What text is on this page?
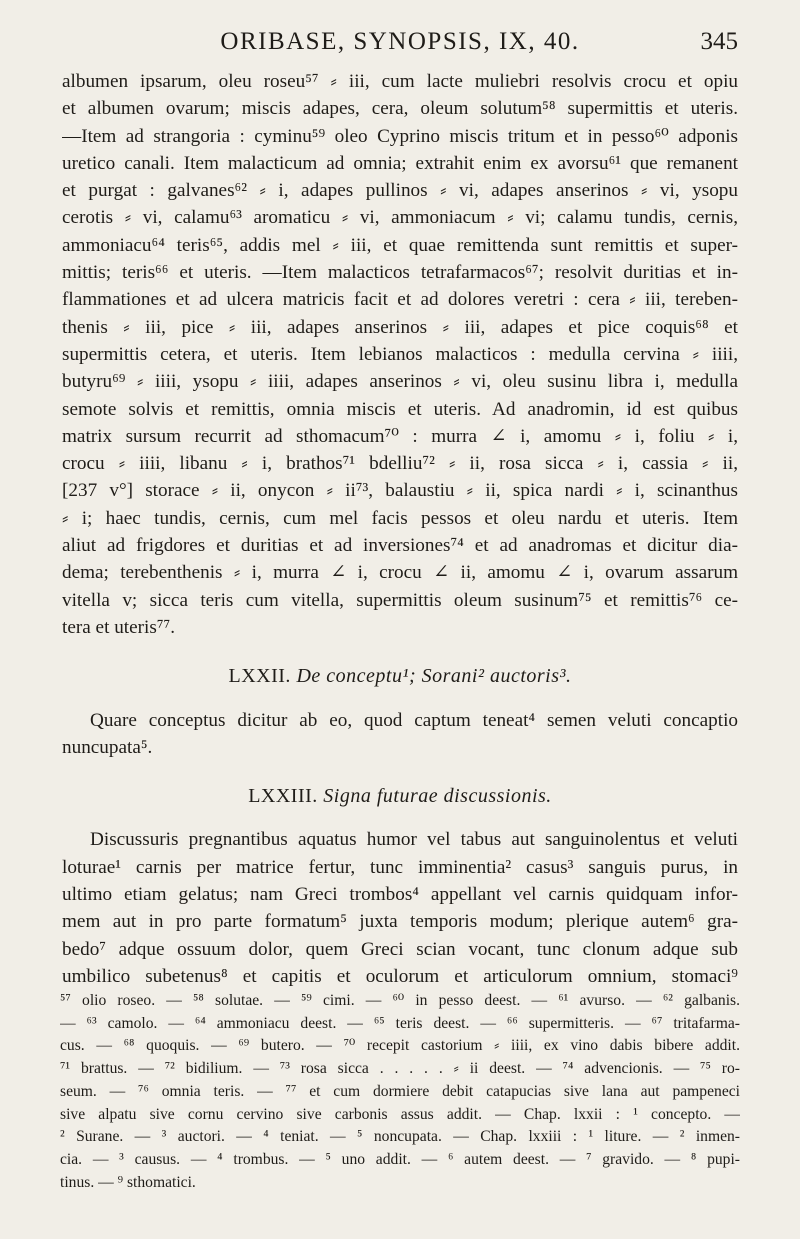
ORIBASE, SYNOPSIS, IX, 40.	345

albumen ipsarum, oleu roseu⁵⁷ ⸗ iii, cum lacte muliebri resolvis crocu et opiu

et albumen ovarum; miscis adapes, cera, oleum solutum⁵⁸ supermittis et uteris.

—Item ad strangoria : cyminu⁵⁹ oleo Cyprino miscis tritum et in pesso⁶⁰ adponis

uretico canali. Item malacticum ad omnia; extrahit enim ex avorsu⁶¹ que remanent

et purgat : galvanes⁶² ⸗ i, adapes pullinos ⸗ vi, adapes anserinos ⸗ vi, ysopu

cerotis ⸗ vi, calamu⁶³ aromaticu ⸗ vi, ammoniacum ⸗ vi; calamu tundis, cernis,

ammoniacu⁶⁴ teris⁶⁵, addis mel ⸗ iii, et quae remittenda sunt remittis et super-

mittis; teris⁶⁶ et uteris. —Item malacticos tetrafarmacos⁶⁷; resolvit duritias et in-

flammationes et ad ulcera matricis facit et ad dolores veretri : cera ⸗ iii, tereben-

thenis ⸗ iii, pice ⸗ iii, adapes anserinos ⸗ iii, adapes et pice coquis⁶⁸ et

supermittis cetera, et uteris. Item lebianos malacticos : medulla cervina ⸗ iiii,

butyru⁶⁹ ⸗ iiii, ysopu ⸗ iiii, adapes anserinos ⸗ vi, oleu susinu libra i, medulla

semote solvis et remittis, omnia miscis et uteris. Ad anadromin, id est quibus

matrix sursum recurrit ad sthomacum⁷⁰ : murra ∠ i, amomu ⸗ i, foliu ⸗ i,

crocu ⸗ iiii, libanu ⸗ i, brathos⁷¹ bdelliu⁷² ⸗ ii, rosa sicca ⸗ i, cassia ⸗ ii,

[237 v°] storace ⸗ ii, onycon ⸗ ii⁷³, balaustiu ⸗ ii, spica nardi ⸗ i, scinanthus

⸗ i; haec tundis, cernis, cum mel facis pessos et oleu nardu et uteris. Item

aliut ad frigdores et duritias et ad inversiones⁷⁴ et ad anadromas et dicitur dia-

dema; terebenthenis ⸗ i, murra ∠ i, crocu ∠ ii, amomu ∠ i, ovarum assarum

vitella v; sicca teris cum vitella, supermittis oleum susinum⁷⁵ et remittis⁷⁶ ce-

tera et uteris⁷⁷.

LXXII. De conceptu¹; Sorani² auctoris³.

Quare conceptus dicitur ab eo, quod captum teneat⁴ semen veluti concaptio

nuncupata⁵.

LXXIII. Signa futurae discussionis.

Discussuris pregnantibus aquatus humor vel tabus aut sanguinolentus et veluti

loturae¹ carnis per matrice fertur, tunc imminentia² casus³ sanguis purus, in

ultimo etiam gelatus; nam Greci trombos⁴ appellant vel carnis quidquam infor-

mem aut in pro parte formatum⁵ juxta temporis modum; plerique autem⁶ gra-

bedo⁷ adque ossuum dolor, quem Greci scian vocant, tunc clonum adque sub

umbilico subetenus⁸ et capitis et oculorum et articulorum omnium, stomaci⁹

⁵⁷ olio roseo. — ⁵⁸ solutae. — ⁵⁹ cimi. — ⁶⁰ in pesso deest. — ⁶¹ avurso. — ⁶² galbanis.

— ⁶³ camolo. — ⁶⁴ ammoniacu deest. — ⁶⁵ teris deest. — ⁶⁶ supermitteris. — ⁶⁷ tritafarma-

cus. — ⁶⁸ quoquis. — ⁶⁹ butero. — ⁷⁰ recepit castorium ⸗ iiii, ex vino dabis bibere addit.

⁷¹ brattus. — ⁷² bidilium. — ⁷³ rosa sicca . . . . . ⸗ ii deest. — ⁷⁴ advencionis. — ⁷⁵ ro-

seum. — ⁷⁶ omnia teris. — ⁷⁷ et cum dormiere debit catapucias sive lana aut pampeneci

sive alpatu sive cornu cervino sive carbonis assus addit. — Chap. lxxii : ¹ concepto. —

² Surane. — ³ auctori. — ⁴ teniat. — ⁵ noncupata. — Chap. lxxiii : ¹ liture. — ² inmen-

cia. — ³ causus. — ⁴ trombus. — ⁵ uno addit. — ⁶ autem deest. — ⁷ gravido. — ⁸ pupi-

tinus. — ⁹ sthomatici.
